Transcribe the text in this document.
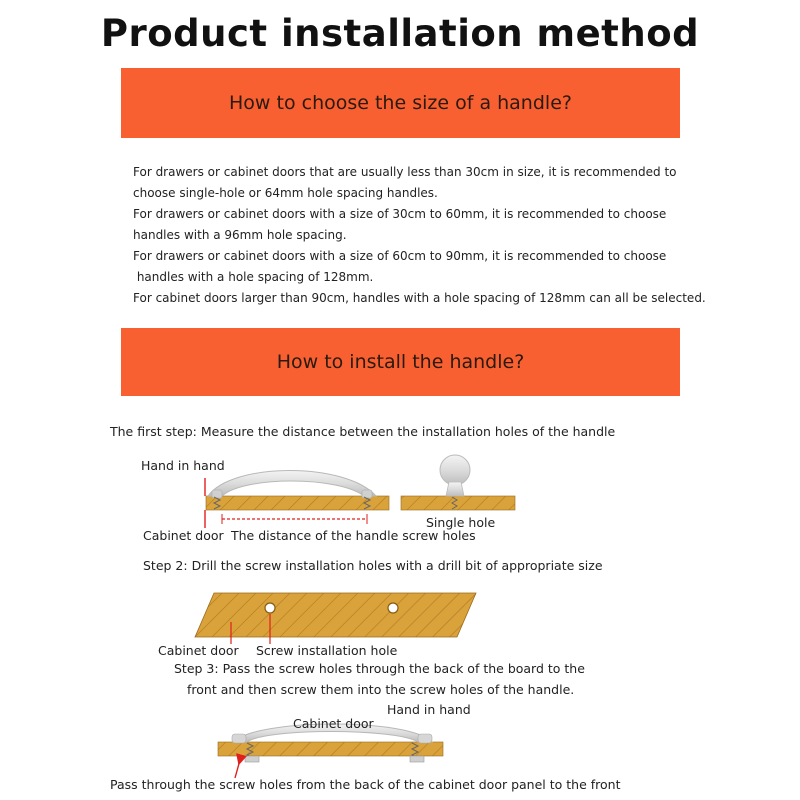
Product installation method
How to choose the size of a handle?
For drawers or cabinet doors that are usually less than 30cm in size, it is recommended to
choose single-hole or 64mm hole spacing handles.
For drawers or cabinet doors with a size of 30cm to 60mm, it is recommended to choose
handles with a 96mm hole spacing.
For drawers or cabinet doors with a size of 60cm to 90mm, it is recommended to choose
handles with a hole spacing of 128mm.
For cabinet doors larger than 90cm, handles with a hole spacing of 128mm can all be selected.
How to install the handle?
The first step: Measure the distance between the installation holes of the handle
Hand in hand
Single hole
Cabinet door The distance of the handle screw holes
Step 2: Drill the screw installation holes with a drill bit of appropriate size
Cabinet door Screw installation hole
Step 3: Pass the screw holes through the back of the board to the
front and then screw them into the screw holes of the handle.
Hand in hand
Cabinet door
Pass through the screw holes from the back of the cabinet door panel to the front
